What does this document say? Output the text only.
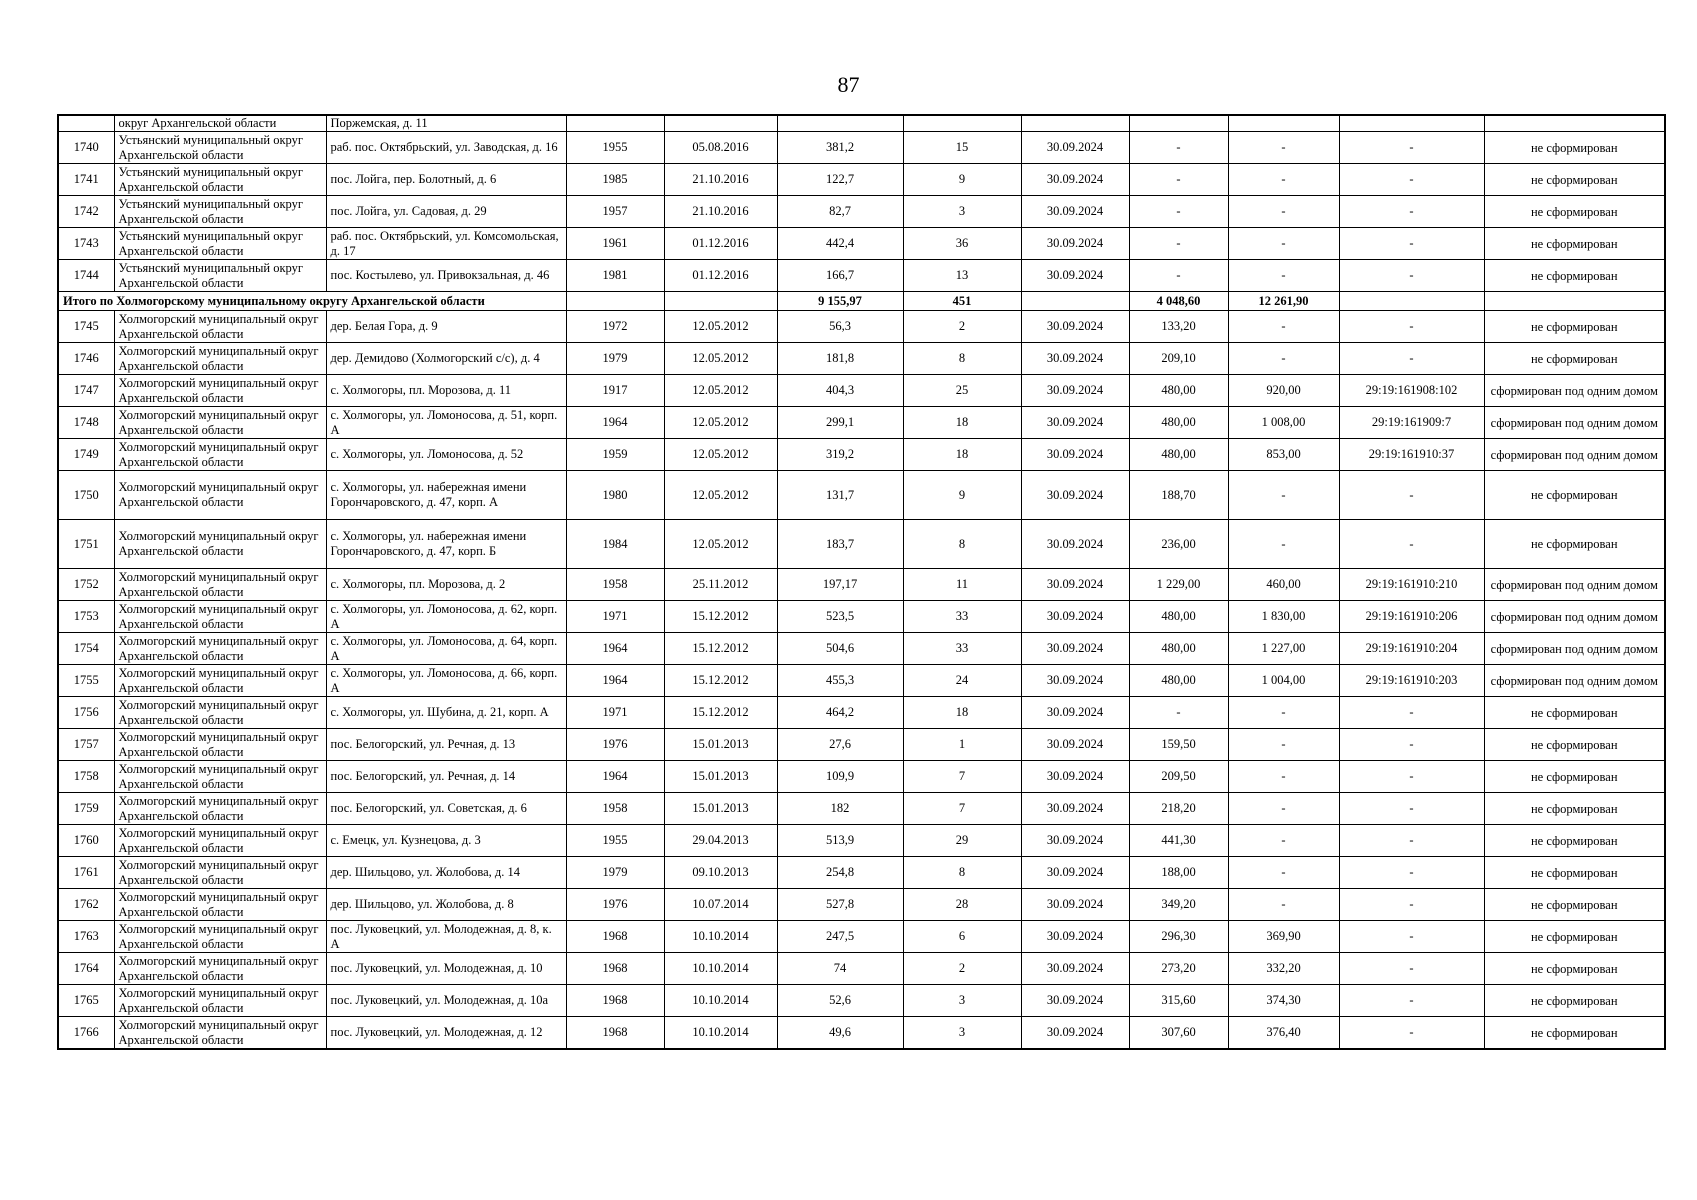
87
	округ Архангельской области	Поржемская, д. 11									
1740	Устьянский муниципальный округ Архангельской области	раб. пос. Октябрьский, ул. Заводская, д. 16	1955	05.08.2016	381,2	15	30.09.2024	-	-	-	не сформирован
1741	Устьянский муниципальный округ Архангельской области	пос. Лойга, пер. Болотный, д. 6	1985	21.10.2016	122,7	9	30.09.2024	-	-	-	не сформирован
1742	Устьянский муниципальный округ Архангельской области	пос. Лойга, ул. Садовая, д. 29	1957	21.10.2016	82,7	3	30.09.2024	-	-	-	не сформирован
1743	Устьянский муниципальный округ Архангельской области	раб. пос. Октябрьский, ул. Комсомольская, д. 17	1961	01.12.2016	442,4	36	30.09.2024	-	-	-	не сформирован
1744	Устьянский муниципальный округ Архангельской области	пос. Костылево, ул. Привокзальная, д. 46	1981	01.12.2016	166,7	13	30.09.2024	-	-	-	не сформирован
Итого по Холмогорскому муниципальному округу Архангельской области					9 155,97	451		4 048,60	12 261,90		
1745	Холмогорский муниципальный округ Архангельской области	дер. Белая Гора, д. 9	1972	12.05.2012	56,3	2	30.09.2024	133,20	-	-	не сформирован
1746	Холмогорский муниципальный округ Архангельской области	дер. Демидово (Холмогорский с/с), д. 4	1979	12.05.2012	181,8	8	30.09.2024	209,10	-	-	не сформирован
1747	Холмогорский муниципальный округ Архангельской области	с. Холмогоры, пл. Морозова, д. 11	1917	12.05.2012	404,3	25	30.09.2024	480,00	920,00	29:19:161908:102	сформирован под одним домом
1748	Холмогорский муниципальный округ Архангельской области	с. Холмогоры, ул. Ломоносова, д. 51, корп. А	1964	12.05.2012	299,1	18	30.09.2024	480,00	1 008,00	29:19:161909:7	сформирован под одним домом
1749	Холмогорский муниципальный округ Архангельской области	с. Холмогоры, ул. Ломоносова, д. 52	1959	12.05.2012	319,2	18	30.09.2024	480,00	853,00	29:19:161910:37	сформирован под одним домом
1750	Холмогорский муниципальный округ Архангельской области	с. Холмогоры, ул. набережная имени Горончаровского, д. 47, корп. А	1980	12.05.2012	131,7	9	30.09.2024	188,70	-	-	не сформирован
1751	Холмогорский муниципальный округ Архангельской области	с. Холмогоры, ул. набережная имени Горончаровского, д. 47, корп. Б	1984	12.05.2012	183,7	8	30.09.2024	236,00	-	-	не сформирован
1752	Холмогорский муниципальный округ Архангельской области	с. Холмогоры, пл. Морозова, д. 2	1958	25.11.2012	197,17	11	30.09.2024	1 229,00	460,00	29:19:161910:210	сформирован под одним домом
1753	Холмогорский муниципальный округ Архангельской области	с. Холмогоры, ул. Ломоносова, д. 62, корп. А	1971	15.12.2012	523,5	33	30.09.2024	480,00	1 830,00	29:19:161910:206	сформирован под одним домом
1754	Холмогорский муниципальный округ Архангельской области	с. Холмогоры, ул. Ломоносова, д. 64, корп. А	1964	15.12.2012	504,6	33	30.09.2024	480,00	1 227,00	29:19:161910:204	сформирован под одним домом
1755	Холмогорский муниципальный округ Архангельской области	с. Холмогоры, ул. Ломоносова, д. 66, корп. А	1964	15.12.2012	455,3	24	30.09.2024	480,00	1 004,00	29:19:161910:203	сформирован под одним домом
1756	Холмогорский муниципальный округ Архангельской области	с. Холмогоры, ул. Шубина, д. 21, корп. А	1971	15.12.2012	464,2	18	30.09.2024	-	-	-	не сформирован
1757	Холмогорский муниципальный округ Архангельской области	пос. Белогорский, ул. Речная, д. 13	1976	15.01.2013	27,6	1	30.09.2024	159,50	-	-	не сформирован
1758	Холмогорский муниципальный округ Архангельской области	пос. Белогорский, ул. Речная, д. 14	1964	15.01.2013	109,9	7	30.09.2024	209,50	-	-	не сформирован
1759	Холмогорский муниципальный округ Архангельской области	пос. Белогорский, ул. Советская, д. 6	1958	15.01.2013	182	7	30.09.2024	218,20	-	-	не сформирован
1760	Холмогорский муниципальный округ Архангельской области	с. Емецк, ул. Кузнецова, д. 3	1955	29.04.2013	513,9	29	30.09.2024	441,30	-	-	не сформирован
1761	Холмогорский муниципальный округ Архангельской области	дер. Шильцово, ул. Жолобова, д. 14	1979	09.10.2013	254,8	8	30.09.2024	188,00	-	-	не сформирован
1762	Холмогорский муниципальный округ Архангельской области	дер. Шильцово, ул. Жолобова, д. 8	1976	10.07.2014	527,8	28	30.09.2024	349,20	-	-	не сформирован
1763	Холмогорский муниципальный округ Архангельской области	пос. Луковецкий, ул. Молодежная, д. 8, к. А	1968	10.10.2014	247,5	6	30.09.2024	296,30	369,90	-	не сформирован
1764	Холмогорский муниципальный округ Архангельской области	пос. Луковецкий, ул. Молодежная, д. 10	1968	10.10.2014	74	2	30.09.2024	273,20	332,20	-	не сформирован
1765	Холмогорский муниципальный округ Архангельской области	пос. Луковецкий, ул. Молодежная, д. 10а	1968	10.10.2014	52,6	3	30.09.2024	315,60	374,30	-	не сформирован
1766	Холмогорский муниципальный округ Архангельской области	пос. Луковецкий, ул. Молодежная, д. 12	1968	10.10.2014	49,6	3	30.09.2024	307,60	376,40	-	не сформирован
